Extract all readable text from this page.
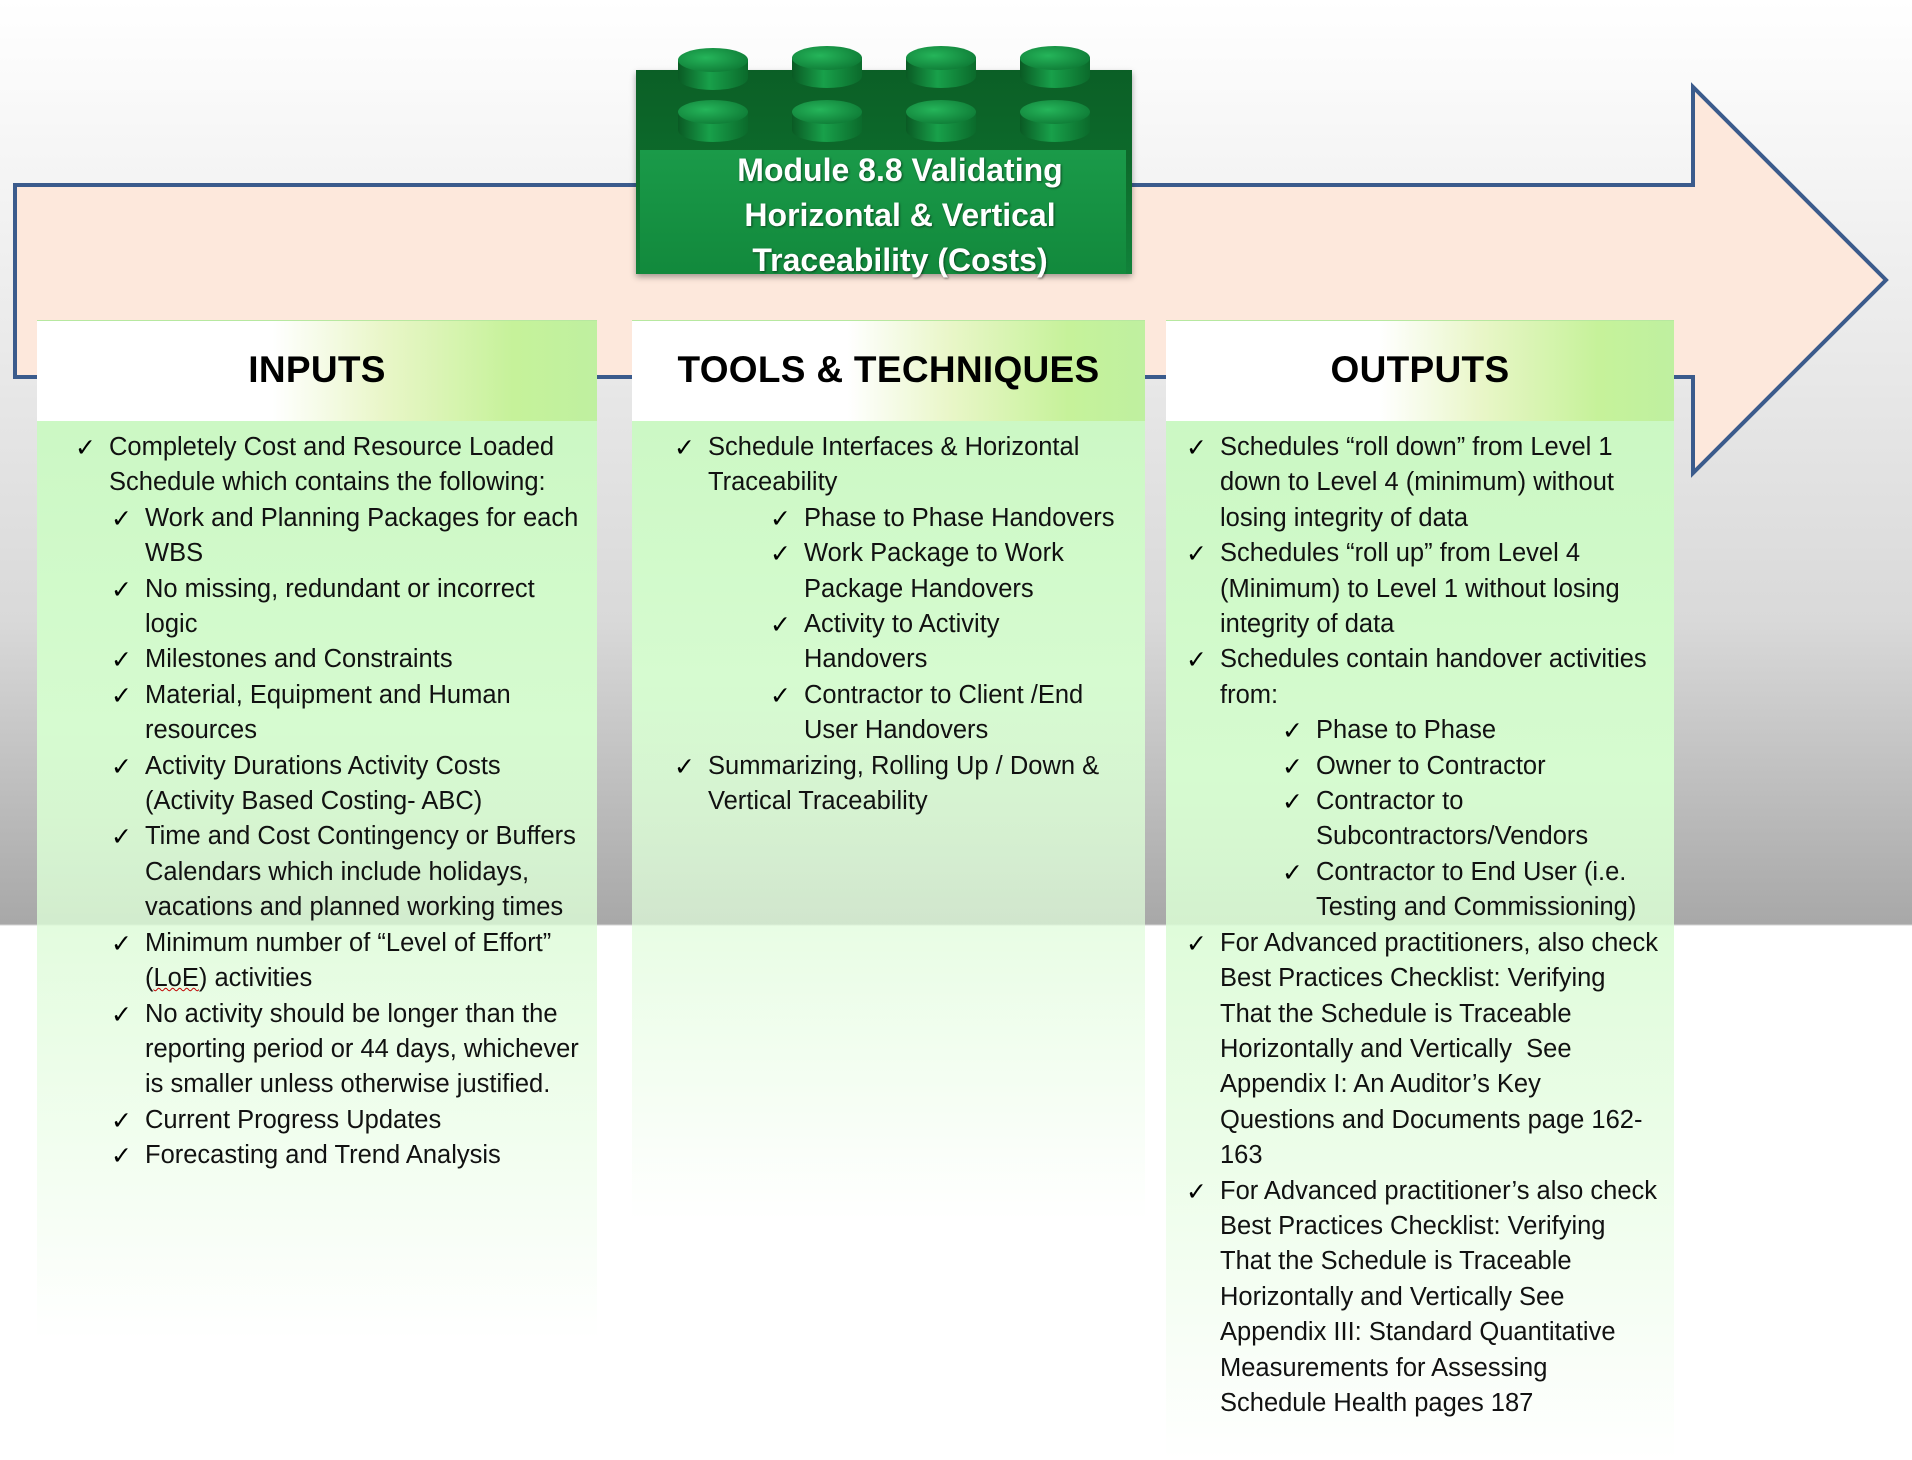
Module 8.8 Validating
Horizontal & Vertical
Traceability (Costs)
INPUTS
✓ Completely Cost and Resource Loaded Schedule which contains the following:
✓ Work and Planning Packages for each WBS
✓ No missing, redundant or incorrect logic
✓ Milestones and Constraints
✓ Material, Equipment and Human resources
✓ Activity Durations Activity Costs (Activity Based Costing- ABC)
✓ Time and Cost Contingency or Buffers     Calendars which include holidays, vacations and planned working times
✓ Minimum number of “Level of Effort” (LoE) activities
✓ No activity should be longer than the reporting period or 44 days, whichever is smaller unless otherwise justified.
✓ Current Progress Updates
✓ Forecasting and Trend Analysis
TOOLS & TECHNIQUES
✓ Schedule Interfaces & Horizontal Traceability
✓ Phase to Phase Handovers
✓ Work Package to Work Package Handovers
✓ Activity to Activity Handovers
✓ Contractor to Client /End User Handovers
✓ Summarizing, Rolling Up / Down & Vertical Traceability
OUTPUTS
✓ Schedules “roll down” from Level 1 down to Level 4 (minimum) without losing integrity of data
✓ Schedules “roll up” from Level 4 (Minimum) to Level 1 without losing integrity of data
✓ Schedules contain handover activities from:
✓ Phase to Phase
✓ Owner to Contractor
✓ Contractor to Subcontractors/Vendors
✓ Contractor to End User (i.e. Testing and Commissioning)
✓ For Advanced practitioners, also check Best Practices Checklist: Verifying That the Schedule is Traceable Horizontally and Vertically  See Appendix I: An Auditor’s Key Questions and Documents page 162-163
✓ For Advanced practitioner’s also check Best Practices Checklist: Verifying That the Schedule is Traceable Horizontally and Vertically See  Appendix III: Standard Quantitative Measurements for Assessing Schedule Health pages 187
